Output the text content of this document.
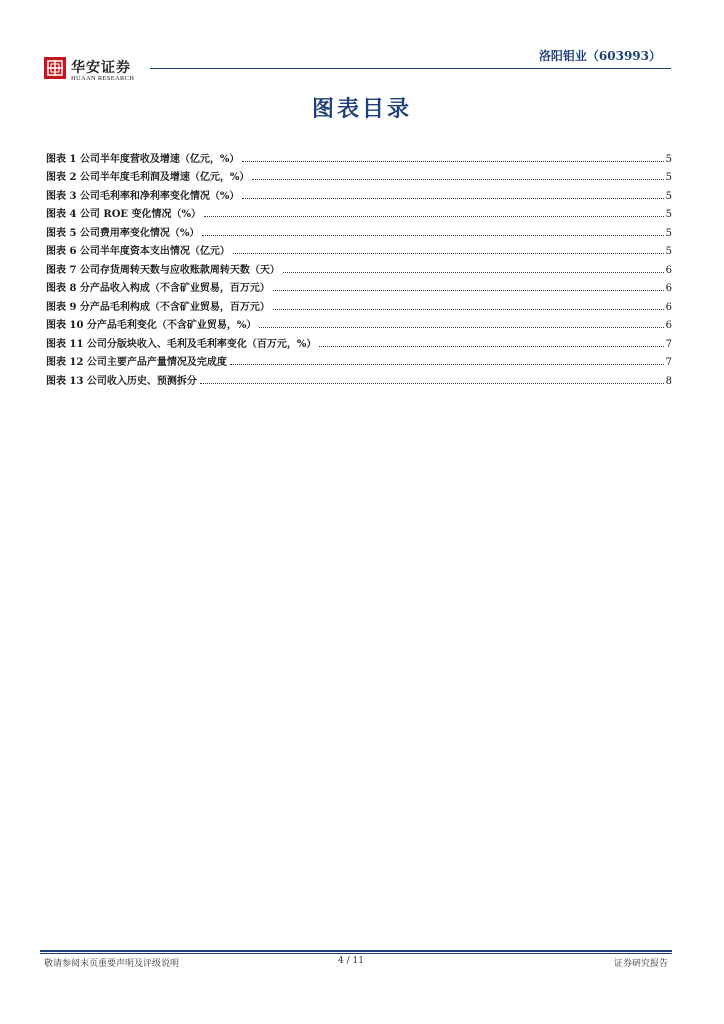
华安证券
HUAAN RESEARCH
洛阳钼业（603993）
图表目录
图表 1 公司半年度营收及增速（亿元，%）	5
图表 2 公司半年度毛利润及增速（亿元，%）	5
图表 3 公司毛利率和净利率变化情况（%）	5
图表 4 公司 ROE 变化情况（%）	5
图表 5 公司费用率变化情况（%）	5
图表 6 公司半年度资本支出情况（亿元）	5
图表 7 公司存货周转天数与应收账款周转天数（天）	6
图表 8 分产品收入构成（不含矿业贸易，百万元）	6
图表 9 分产品毛利构成（不含矿业贸易，百万元）	6
图表 10 分产品毛利变化（不含矿业贸易，%）	6
图表 11 公司分版块收入、毛利及毛利率变化（百万元，%）	7
图表 12 公司主要产品产量情况及完成度	7
图表 13 公司收入历史、预测拆分	8
敬请参阅末页重要声明及评级说明	4 / 11	证券研究报告
